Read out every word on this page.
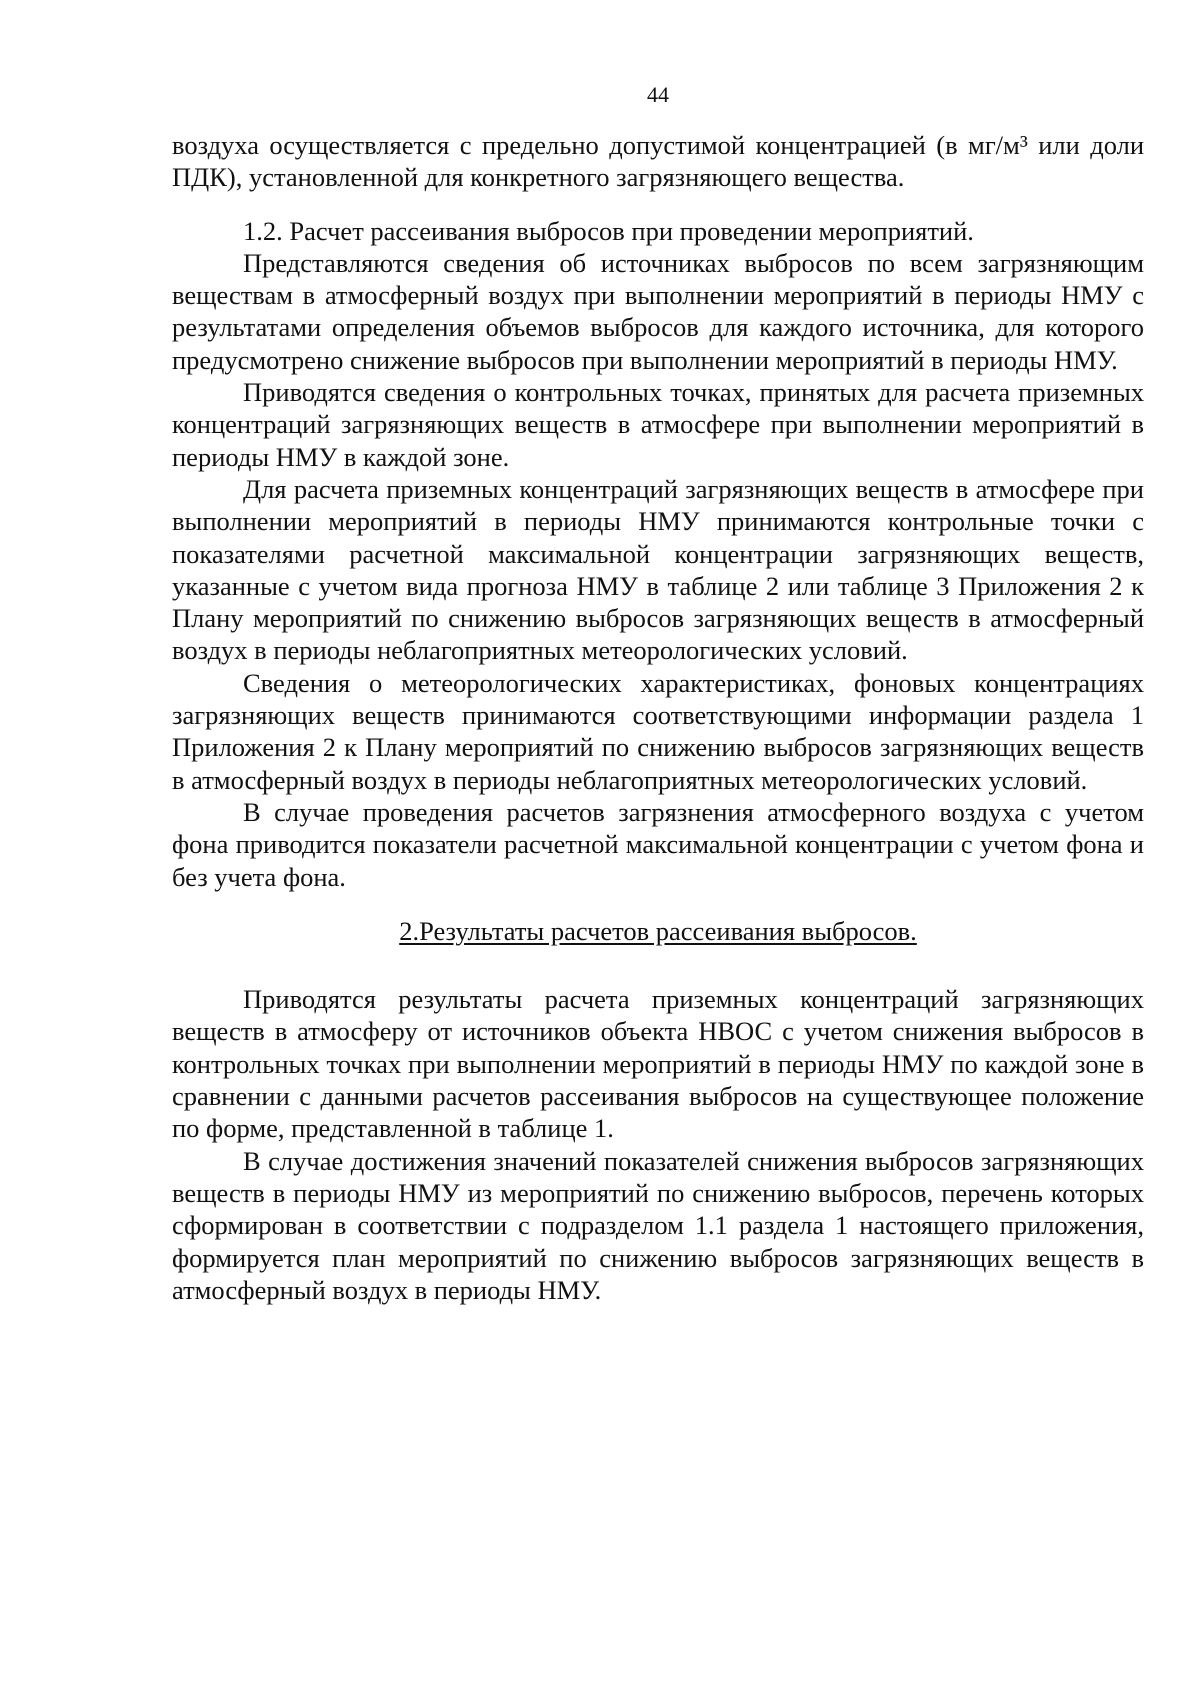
44

воздуха осуществляется с предельно допустимой концентрацией (в мг/м³ или доли ПДК), установленной для конкретного загрязняющего вещества.

1.2. Расчет рассеивания выбросов при проведении мероприятий.

Представляются сведения об источниках выбросов по всем загрязняющим веществам в атмосферный воздух при выполнении мероприятий в периоды НМУ с результатами определения объемов выбросов для каждого источника, для которого предусмотрено снижение выбросов при выполнении мероприятий в периоды НМУ.

Приводятся сведения о контрольных точках, принятых для расчета приземных концентраций загрязняющих веществ в атмосфере при выполнении мероприятий в периоды НМУ в каждой зоне.

Для расчета приземных концентраций загрязняющих веществ в атмосфере при выполнении мероприятий в периоды НМУ принимаются контрольные точки с показателями расчетной максимальной концентрации загрязняющих веществ, указанные с учетом вида прогноза НМУ в таблице 2 или таблице 3 Приложения 2 к Плану мероприятий по снижению выбросов загрязняющих веществ в атмосферный воздух в периоды неблагоприятных метеорологических условий.

Сведения о метеорологических характеристиках, фоновых концентрациях загрязняющих веществ принимаются соответствующими информации раздела 1 Приложения 2 к Плану мероприятий по снижению выбросов загрязняющих веществ в атмосферный воздух в периоды неблагоприятных метеорологических условий.

В случае проведения расчетов загрязнения атмосферного воздуха с учетом фона приводится показатели расчетной максимальной концентрации с учетом фона и без учета фона.

2.Результаты расчетов рассеивания выбросов.

Приводятся результаты расчета приземных концентраций загрязняющих веществ в атмосферу от источников объекта НВОС с учетом снижения выбросов в контрольных точках при выполнении мероприятий в периоды НМУ по каждой зоне в сравнении с данными расчетов рассеивания выбросов на существующее положение по форме, представленной в таблице 1.

В случае достижения значений показателей снижения выбросов загрязняющих веществ в периоды НМУ из мероприятий по снижению выбросов, перечень которых сформирован в соответствии с подразделом 1.1 раздела 1 настоящего приложения, формируется план мероприятий по снижению выбросов загрязняющих веществ в атмосферный воздух в периоды НМУ.
